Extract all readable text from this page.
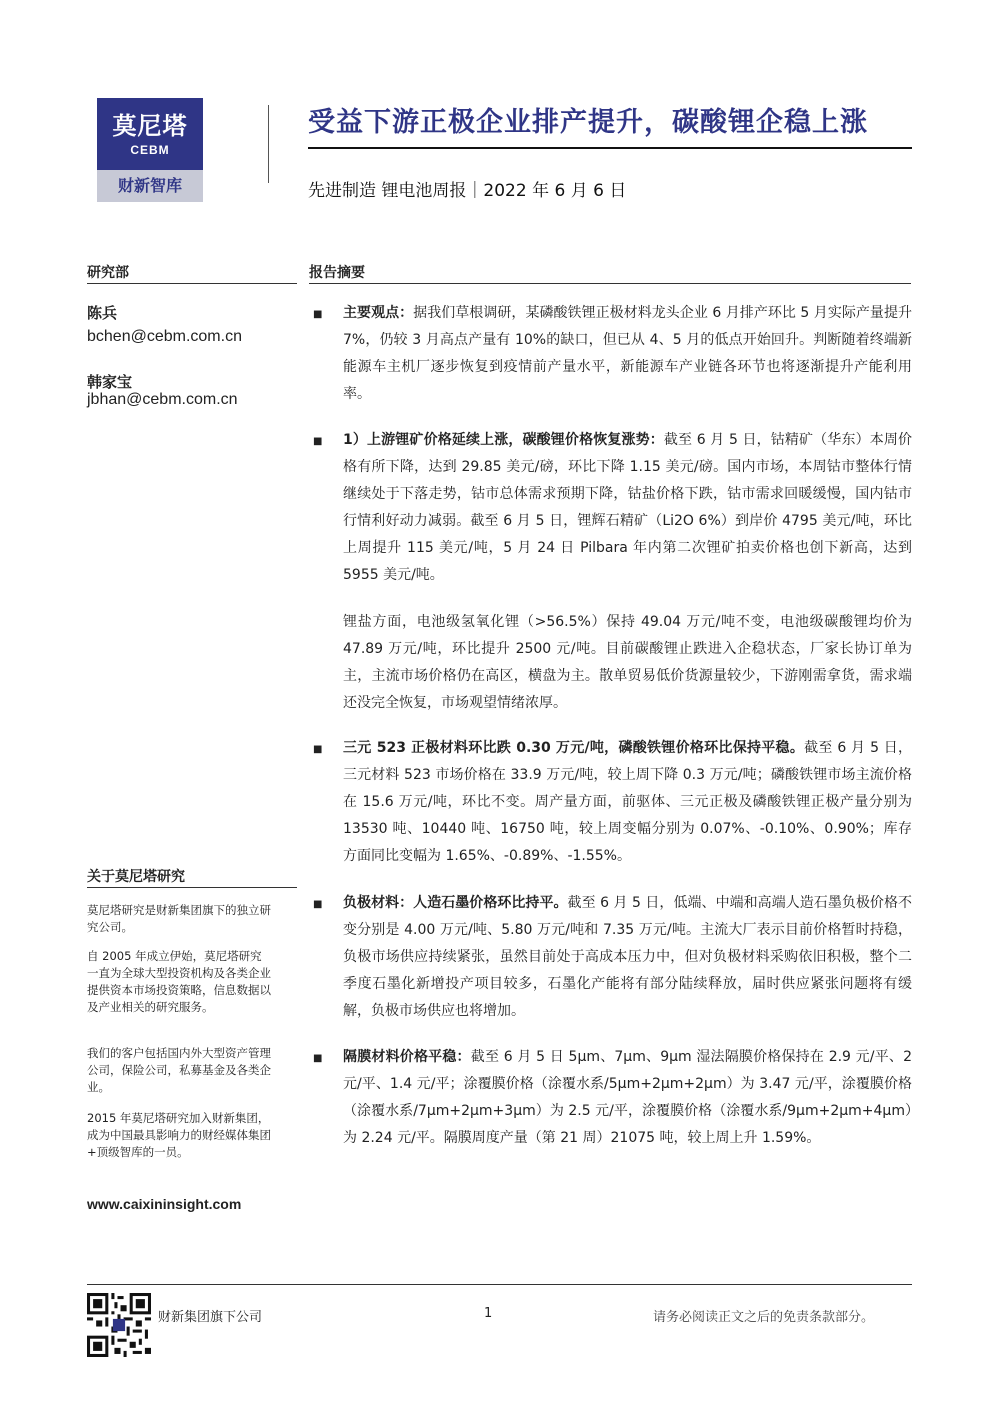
莫尼塔
CEBM
财新智库
受益下游正极企业排产提升，碳酸锂企稳上涨
先进制造 锂电池周报｜2022 年 6 月 6 日
研究部
陈兵
bchen@cebm.com.cn
韩家宝
jbhan@cebm.com.cn
关于莫尼塔研究
莫尼塔研究是财新集团旗下的独立研究公司。
自 2005 年成立伊始，莫尼塔研究一直为全球大型投资机构及各类企业提供资本市场投资策略，信息数据以及产业相关的研究服务。
我们的客户包括国内外大型资产管理公司，保险公司，私募基金及各类企业。
2015 年莫尼塔研究加入财新集团，成为中国最具影响力的财经媒体集团+顶级智库的一员。
www.caixininsight.com
报告摘要
■ 主要观点：据我们草根调研，某磷酸铁锂正极材料龙头企业 6 月排产环比 5 月实际产量提升 7%，仍较 3 月高点产量有 10%的缺口，但已从 4、5 月的低点开始回升。判断随着终端新能源车主机厂逐步恢复到疫情前产量水平，新能源车产业链各环节也将逐渐提升产能利用率。

■ 1）上游锂矿价格延续上涨，碳酸锂价格恢复涨势：截至 6 月 5 日，钴精矿（华东）本周价格有所下降，达到 29.85 美元/磅，环比下降 1.15 美元/磅。国内市场，本周钴市整体行情继续处于下落走势，钴市总体需求预期下降，钴盐价格下跌，钴市需求回暖缓慢，国内钴市行情利好动力减弱。截至 6 月 5 日，锂辉石精矿（Li2O 6%）到岸价 4795 美元/吨，环比上周提升 115 美元/吨，5 月 24 日 Pilbara 年内第二次锂矿拍卖价格也创下新高，达到 5955 美元/吨。

锂盐方面，电池级氢氧化锂（>56.5%）保持 49.04 万元/吨不变，电池级碳酸锂均价为 47.89 万元/吨，环比提升 2500 元/吨。目前碳酸锂止跌进入企稳状态，厂家长协订单为主，主流市场价格仍在高区，横盘为主。散单贸易低价货源量较少，下游刚需拿货，需求端还没完全恢复，市场观望情绪浓厚。

■ 三元 523 正极材料环比跌 0.30 万元/吨，磷酸铁锂价格环比保持平稳。截至 6 月 5 日，三元材料 523 市场价格在 33.9 万元/吨，较上周下降 0.3 万元/吨；磷酸铁锂市场主流价格在 15.6 万元/吨，环比不变。周产量方面，前驱体、三元正极及磷酸铁锂正极产量分别为 13530 吨、10440 吨、16750 吨，较上周变幅分别为 0.07%、-0.10%、0.90%；库存方面同比变幅为 1.65%、-0.89%、-1.55%。

■ 负极材料：人造石墨价格环比持平。截至 6 月 5 日，低端、中端和高端人造石墨负极价格不变分别是 4.00 万元/吨、5.80 万元/吨和 7.35 万元/吨。主流大厂表示目前价格暂时持稳，负极市场供应持续紧张，虽然目前处于高成本压力中，但对负极材料采购依旧积极，整个二季度石墨化新增投产项目较多，石墨化产能将有部分陆续释放，届时供应紧张问题将有缓解，负极市场供应也将增加。

■ 隔膜材料价格平稳：截至 6 月 5 日 5μm、7μm、9μm 湿法隔膜价格保持在 2.9 元/平、2 元/平、1.4 元/平；涂覆膜价格（涂覆水系/5μm+2μm+2μm）为 3.47 元/平，涂覆膜价格（涂覆水系/7μm+2μm+3μm）为 2.5 元/平，涂覆膜价格（涂覆水系/9μm+2μm+4μm）为 2.24 元/平。隔膜周度产量（第 21 周）21075 吨，较上周上升 1.59%。

财新集团旗下公司	1	请务必阅读正文之后的免责条款部分。
